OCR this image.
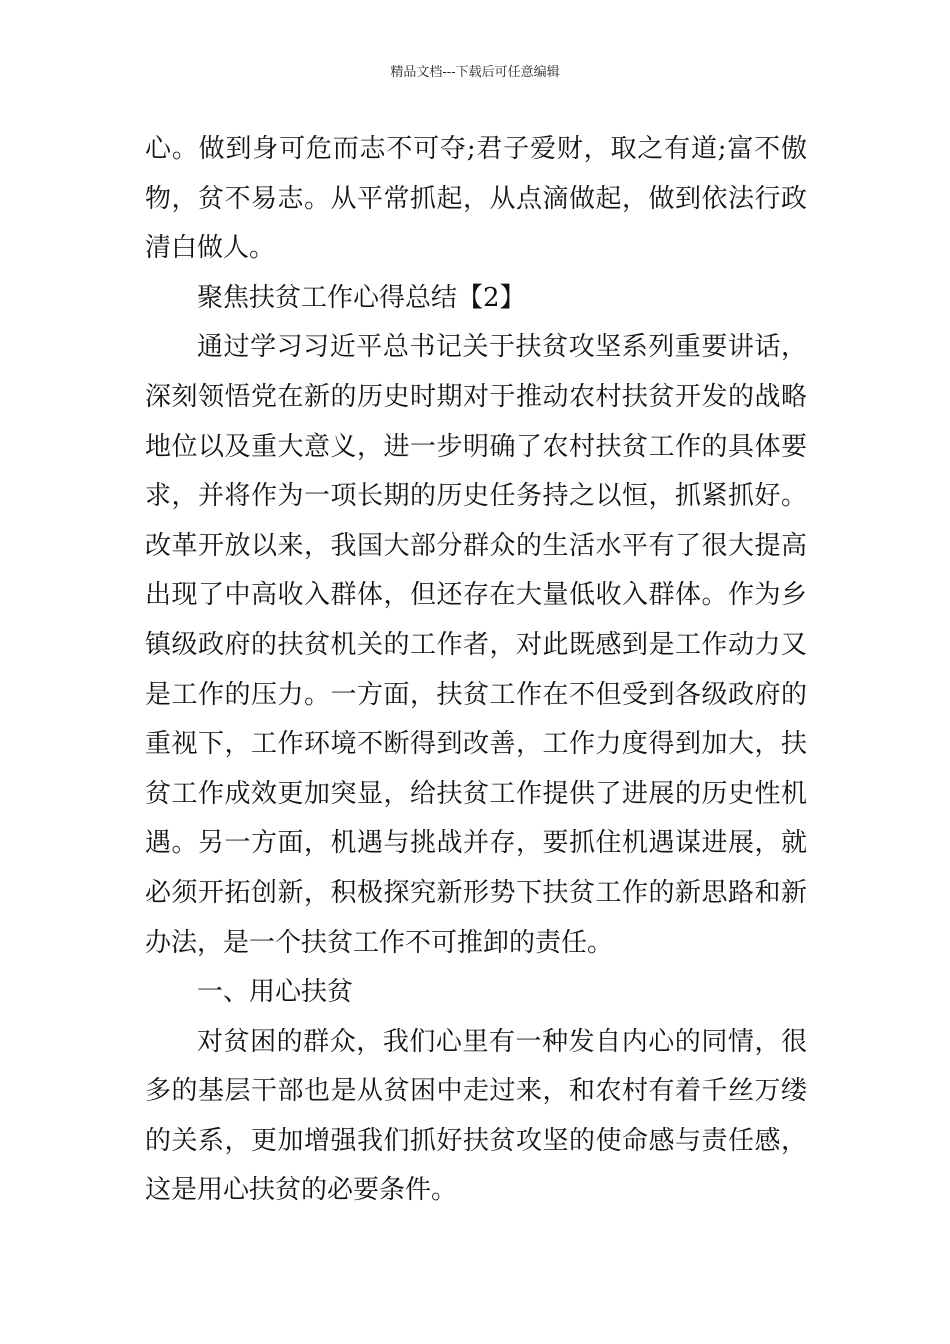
精品文档---下载后可任意编辑
心。做到身可危而志不可夺;君子爱财，取之有道;富不傲
物，贫不易志。从平常抓起，从点滴做起，做到依法行政
清白做人。
聚焦扶贫工作心得总结【2】
通过学习习近平总书记关于扶贫攻坚系列重要讲话，
深刻领悟党在新的历史时期对于推动农村扶贫开发的战略
地位以及重大意义，进一步明确了农村扶贫工作的具体要
求，并将作为一项长期的历史任务持之以恒，抓紧抓好。
改革开放以来，我国大部分群众的生活水平有了很大提高
出现了中高收入群体，但还存在大量低收入群体。作为乡
镇级政府的扶贫机关的工作者，对此既感到是工作动力又
是工作的压力。一方面，扶贫工作在不但受到各级政府的
重视下，工作环境不断得到改善，工作力度得到加大，扶
贫工作成效更加突显，给扶贫工作提供了进展的历史性机
遇。另一方面，机遇与挑战并存，要抓住机遇谋进展，就
必须开拓创新，积极探究新形势下扶贫工作的新思路和新
办法，是一个扶贫工作不可推卸的责任。
一、用心扶贫
对贫困的群众，我们心里有一种发自内心的同情，很
多的基层干部也是从贫困中走过来，和农村有着千丝万缕
的关系，更加增强我们抓好扶贫攻坚的使命感与责任感，
这是用心扶贫的必要条件。
